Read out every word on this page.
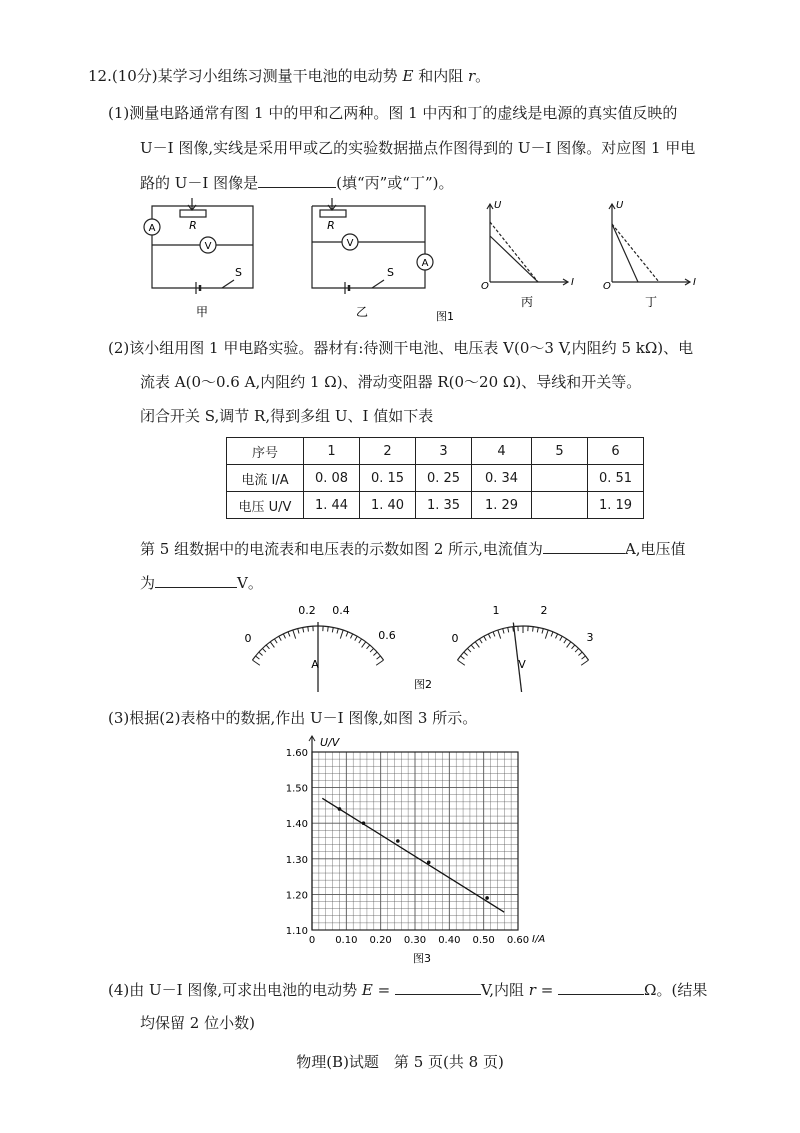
12.(10分)某学习小组练习测量干电池的电动势 E 和内阻 r。
(1)测量电路通常有图 1 中的甲和乙两种。图 1 中丙和丁的虚线是电源的真实值反映的
U－I 图像,实线是采用甲或乙的实验数据描点作图得到的 U－I 图像。对应图 1 甲电
路的 U－I 图像是	(填“丙”或“丁”)。
A
V
R
S
甲
V
A
R
S
乙	图1
U
I
O
丙
U
I
O
丁
(2)该小组用图 1 甲电路实验。器材有:待测干电池、电压表 V(0～3 V,内阻约 5 kΩ)、电
流表 A(0～0.6 A,内阻约 1 Ω)、滑动变阻器 R(0～20 Ω)、导线和开关等。
闭合开关 S,调节 R,得到多组 U、I 值如下表
序号	1	2	3	4	5	6
电流 I/A	0. 08	0. 15	0. 25	0. 34		0. 51
电压 U/V	1. 44	1. 40	1. 35	1. 29		1. 19
第 5 组数据中的电流表和电压表的示数如图 2 所示,电流值为	A,电压值
为	V。
0.2 0.4
0	0.6
A
1	2
0	3
V
图2
(3)根据(2)表格中的数据,作出 U－I 图像,如图 3 所示。
0 0.10 0.20 0.30 0.40 0.50 0.60
1.10
1.20
1.30
1.40
1.50
1.60
U/V
I/A
图3
(4)由 U－I 图像,可求出电池的电动势 E =	V,内阻 r =	Ω。(结果
均保留 2 位小数)
物理(B)试题　第 5 页(共 8 页)
